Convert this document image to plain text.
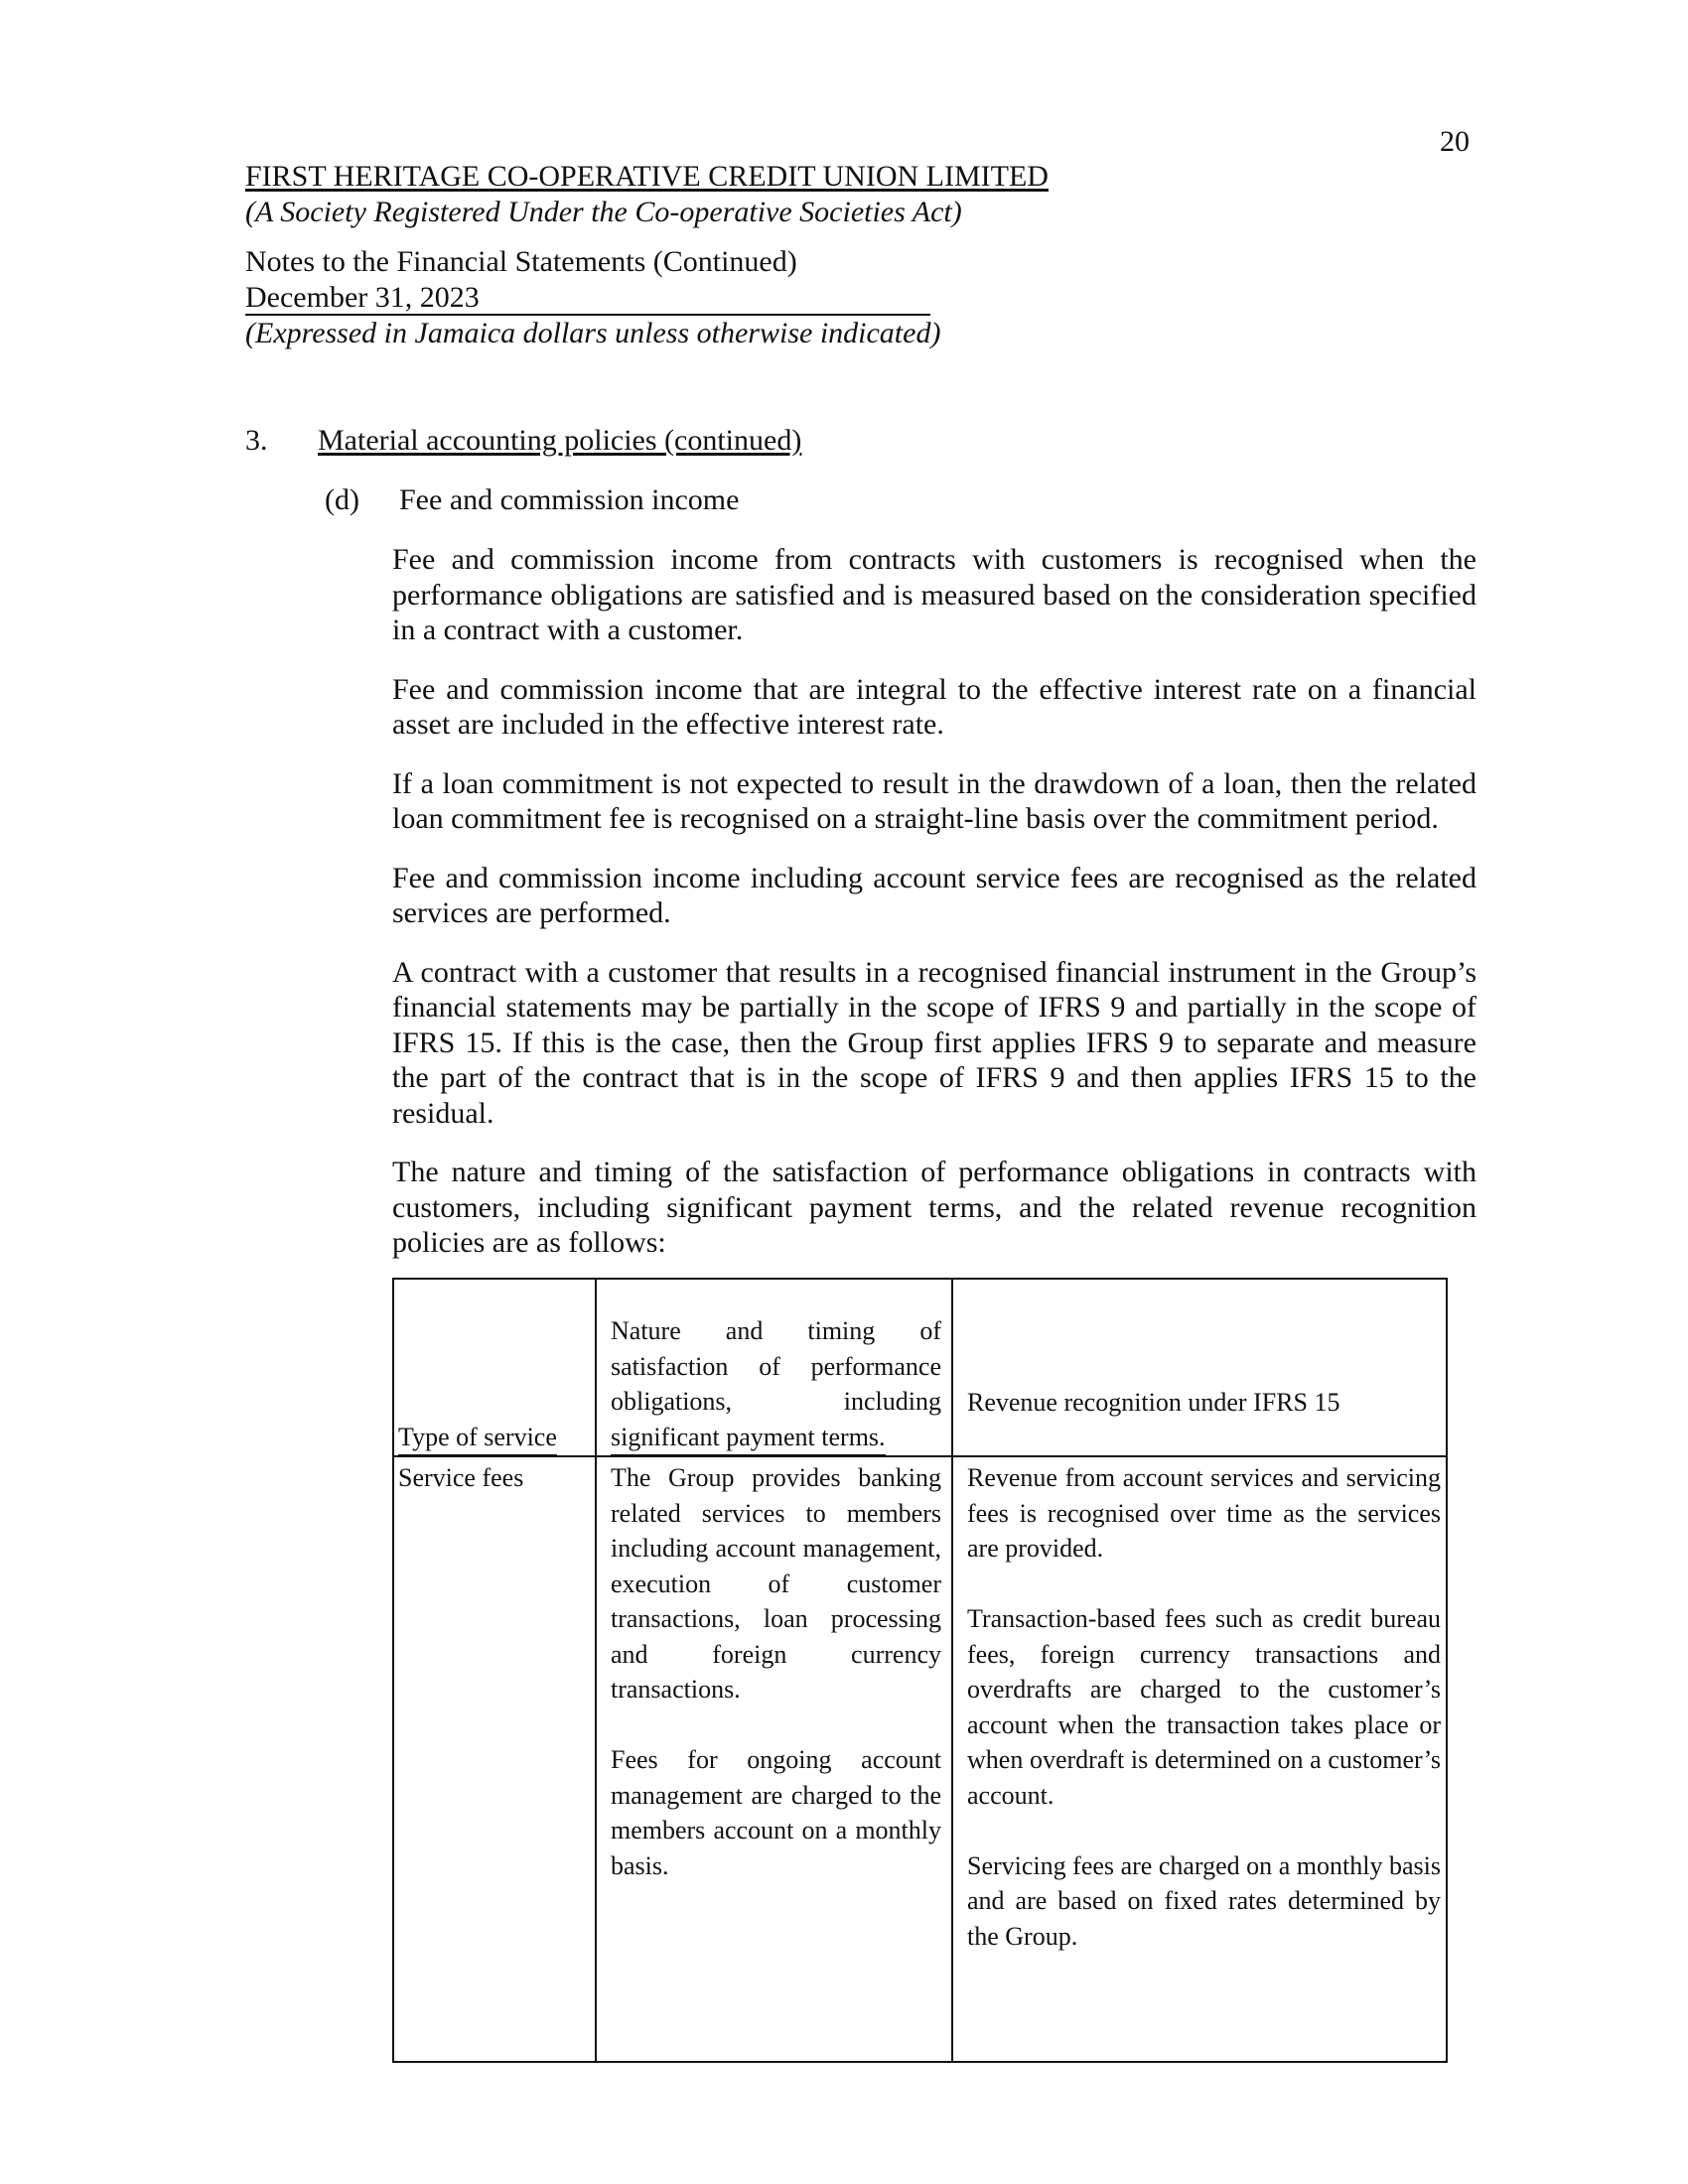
20
FIRST HERITAGE CO-OPERATIVE CREDIT UNION LIMITED
(A Society Registered Under the Co-operative Societies Act)
Notes to the Financial Statements (Continued)
December 31, 2023
(Expressed in Jamaica dollars unless otherwise indicated)
3. Material accounting policies (continued)
(d) Fee and commission income

Fee and commission income from contracts with customers is recognised when the performance obligations are satisfied and is measured based on the consideration specified in a contract with a customer.

Fee and commission income that are integral to the effective interest rate on a financial asset are included in the effective interest rate.

If a loan commitment is not expected to result in the drawdown of a loan, then the related loan commitment fee is recognised on a straight-line basis over the commitment period.

Fee and commission income including account service fees are recognised as the related services are performed.

A contract with a customer that results in a recognised financial instrument in the Group’s financial statements may be partially in the scope of IFRS 9 and partially in the scope of IFRS 15. If this is the case, then the Group first applies IFRS 9 to separate and measure the part of the contract that is in the scope of IFRS 9 and then applies IFRS 15 to the residual.

The nature and timing of the satisfaction of performance obligations in contracts with customers, including significant payment terms, and the related revenue recognition policies are as follows:

Type of service
Nature and timing of
satisfaction of performance
obligations, including
significant payment terms.
Revenue recognition under IFRS 15
Service fees	The Group provides banking related services to members including account management, execution of customer transactions, loan processing and foreign currency transactions.

Fees for ongoing account management are charged to the members account on a monthly basis.

Revenue from account services and servicing fees is recognised over time as the services are provided.

Transaction-based fees such as credit bureau fees, foreign currency transactions and overdrafts are charged to the customer’s account when the transaction takes place or when overdraft is determined on a customer’s account.

Servicing fees are charged on a monthly basis and are based on fixed rates determined by the Group.
